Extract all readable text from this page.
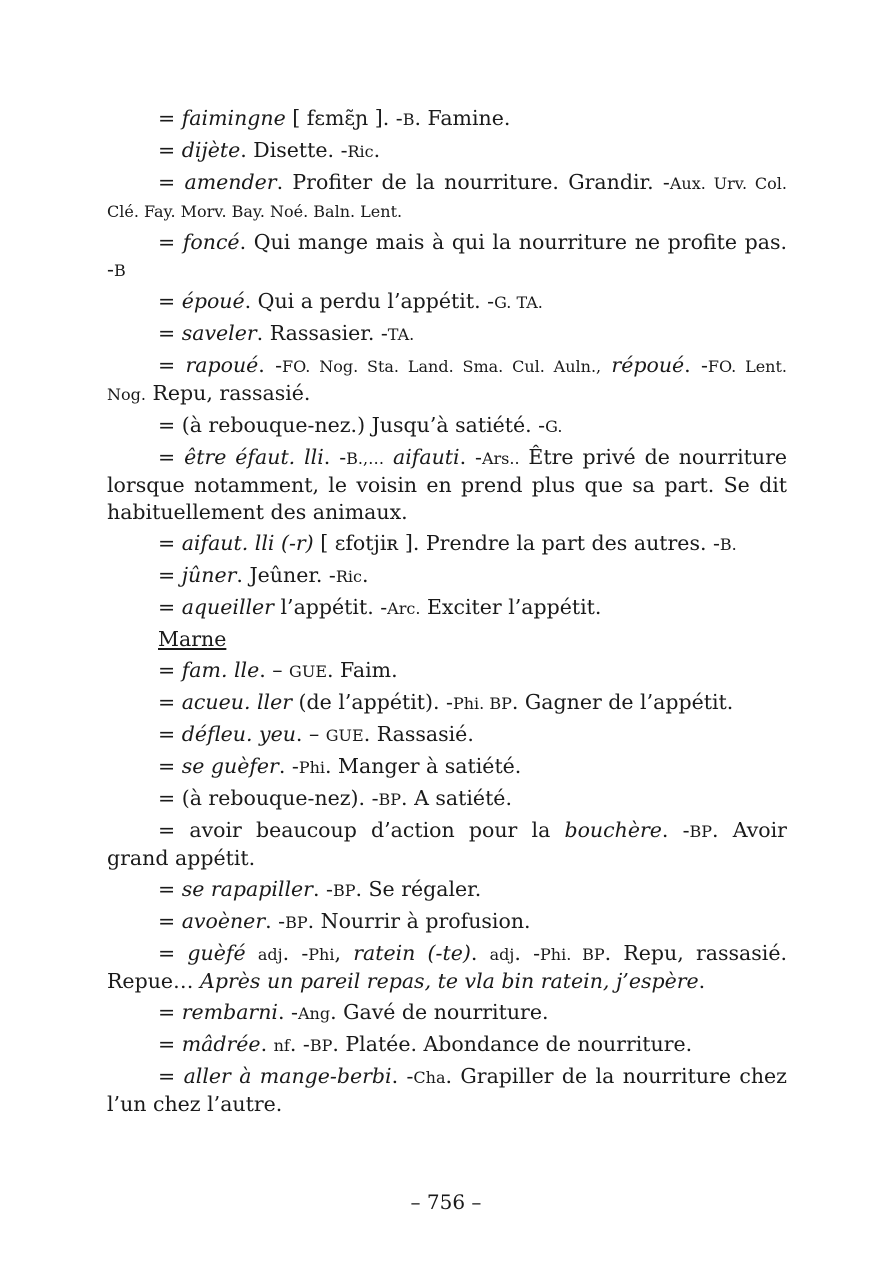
= faimingne [ fɛmɛ̃ɲ ]. -B. Famine.

= dijète. Disette. -Ric.

= amender. Profiter de la nourriture. Grandir. -Aux. Urv. Col. Clé. Fay. Morv. Bay. Noé. Baln. Lent.

= foncé. Qui mange mais à qui la nourriture ne profite pas. -B

= époué. Qui a perdu l’appétit. -G. TA.

= saveler. Rassasier. -TA.

= rapoué. -FO. Nog. Sta. Land. Sma. Cul. Auln., répoué. -FO. Lent. Nog. Repu, rassasié.

= (à rebouque-nez.) Jusqu’à satiété. -G.

= être éfaut. lli. -B.,… aifauti. -Ars.. Être privé de nourriture lorsque notamment, le voisin en prend plus que sa part. Se dit habituellement des animaux.

= aifaut. lli (-r) [ ɛfotjiʀ ]. Prendre la part des autres. -B.

= jûner. Jeûner. -Ric.

= aqueiller l’appétit. -Arc. Exciter l’appétit.

Marne

= fam. lle. – GUE. Faim.

= acueu. ller (de l’appétit). -Phi. BP. Gagner de l’appétit.

= défleu. yeu. – GUE. Rassasié.

= se guèfer. -Phi. Manger à satiété.

= (à rebouque-nez). -BP. A satiété.

= avoir beaucoup d’action pour la bouchère. -BP. Avoir grand appétit.

= se rapapiller. -BP. Se régaler.

= avoèner. -BP. Nourrir à profusion.

= guèfé adj. -Phi, ratein (-te). adj. -Phi. BP. Repu, rassasié. Repue… Après un pareil repas, te vla bin ratein, j’espère.

= rembarni. -Ang. Gavé de nourriture.

= mâdrée. nf. -BP. Platée. Abondance de nourriture.

= aller à mange-berbi. -Cha. Grapiller de la nourriture chez l’un chez l’autre.

– 756 –
